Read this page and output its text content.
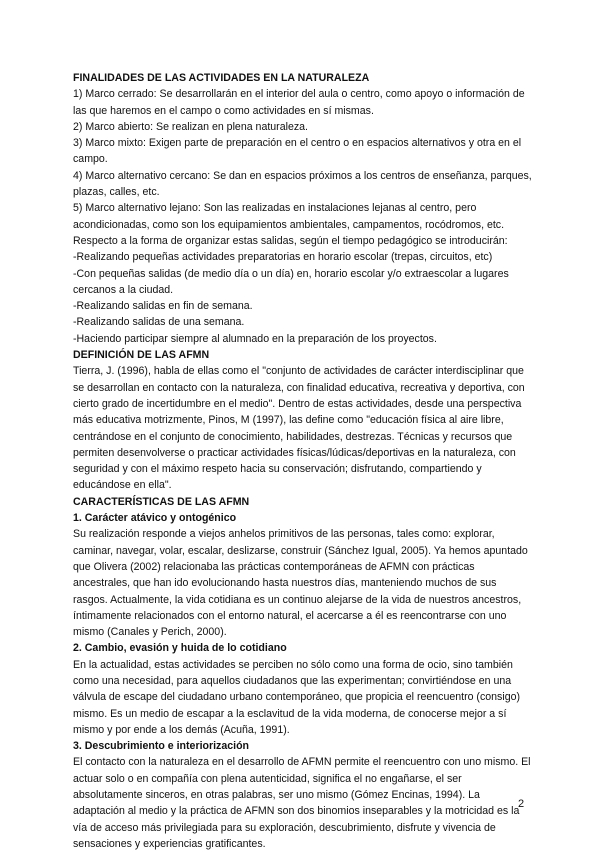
FINALIDADES DE LAS ACTIVIDADES EN LA NATURALEZA

1) Marco cerrado: Se desarrollarán en el interior del aula o centro, como apoyo o información de las que haremos en el campo o como actividades en sí mismas.

2) Marco abierto: Se realizan en plena naturaleza.

3) Marco mixto: Exigen parte de preparación en el centro o en espacios alternativos y otra en el campo.

4) Marco alternativo cercano: Se dan en espacios próximos a los centros de enseñanza, parques, plazas, calles, etc.

5) Marco alternativo lejano: Son las realizadas en instalaciones lejanas al centro, pero acondicionadas, como son los equipamientos ambientales, campamentos, rocódromos, etc.

Respecto a la forma de organizar estas salidas, según el tiempo pedagógico se introducirán:

-Realizando pequeñas actividades preparatorias en horario escolar (trepas, circuitos, etc)

-Con pequeñas salidas (de medio día o un día) en, horario escolar y/o extraescolar a lugares cercanos a la ciudad.

-Realizando salidas en fin de semana.

-Realizando salidas de una semana.

-Haciendo participar siempre al alumnado en la preparación de los proyectos.

DEFINICIÓN DE LAS AFMN

Tierra, J. (1996), habla de ellas como el "conjunto de actividades de carácter interdisciplinar que se desarrollan en contacto con la naturaleza, con finalidad educativa, recreativa y deportiva, con cierto grado de incertidumbre en el medio". Dentro de estas actividades, desde una perspectiva más educativa motrizmente, Pinos, M (1997), las define como "educación física al aire libre, centrándose en el conjunto de conocimiento, habilidades, destrezas. Técnicas y recursos que permiten desenvolverse o practicar actividades físicas/lúdicas/deportivas en la naturaleza, con seguridad y con el máximo respeto hacia su conservación; disfrutando, compartiendo y educándose en ella".

CARACTERÍSTICAS DE LAS AFMN

1. Carácter atávico y ontogénico

Su realización responde a viejos anhelos primitivos de las personas, tales como: explorar, caminar, navegar, volar, escalar, deslizarse, construir (Sánchez Igual, 2005). Ya hemos apuntado que Olivera (2002) relacionaba las prácticas contemporáneas de AFMN con prácticas ancestrales, que han ido evolucionando hasta nuestros días, manteniendo muchos de sus rasgos. Actualmente, la vida cotidiana es un continuo alejarse de la vida de nuestros ancestros, íntimamente relacionados con el entorno natural, el acercarse a él es reencontrarse con uno mismo (Canales y Perich, 2000).

2. Cambio, evasión y huida de lo cotidiano

En la actualidad, estas actividades se perciben no sólo como una forma de ocio, sino también como una necesidad, para aquellos ciudadanos que las experimentan; convirtiéndose en una válvula de escape del ciudadano urbano contemporáneo, que propicia el reencuentro (consigo) mismo. Es un medio de escapar a la esclavitud de la vida moderna, de conocerse mejor a sí mismo y por ende a los demás (Acuña, 1991).

3. Descubrimiento e interiorización

El contacto con la naturaleza en el desarrollo de AFMN permite el reencuentro con uno mismo. El actuar solo o en compañía con plena autenticidad, significa el no engañarse, el ser absolutamente sinceros, en otras palabras, ser uno mismo (Gómez Encinas, 1994). La adaptación al medio y la práctica de AFMN son dos binomios inseparables y la motricidad es la vía de acceso más privilegiada para su exploración, descubrimiento, disfrute y vivencia de sensaciones y experiencias gratificantes.

2
